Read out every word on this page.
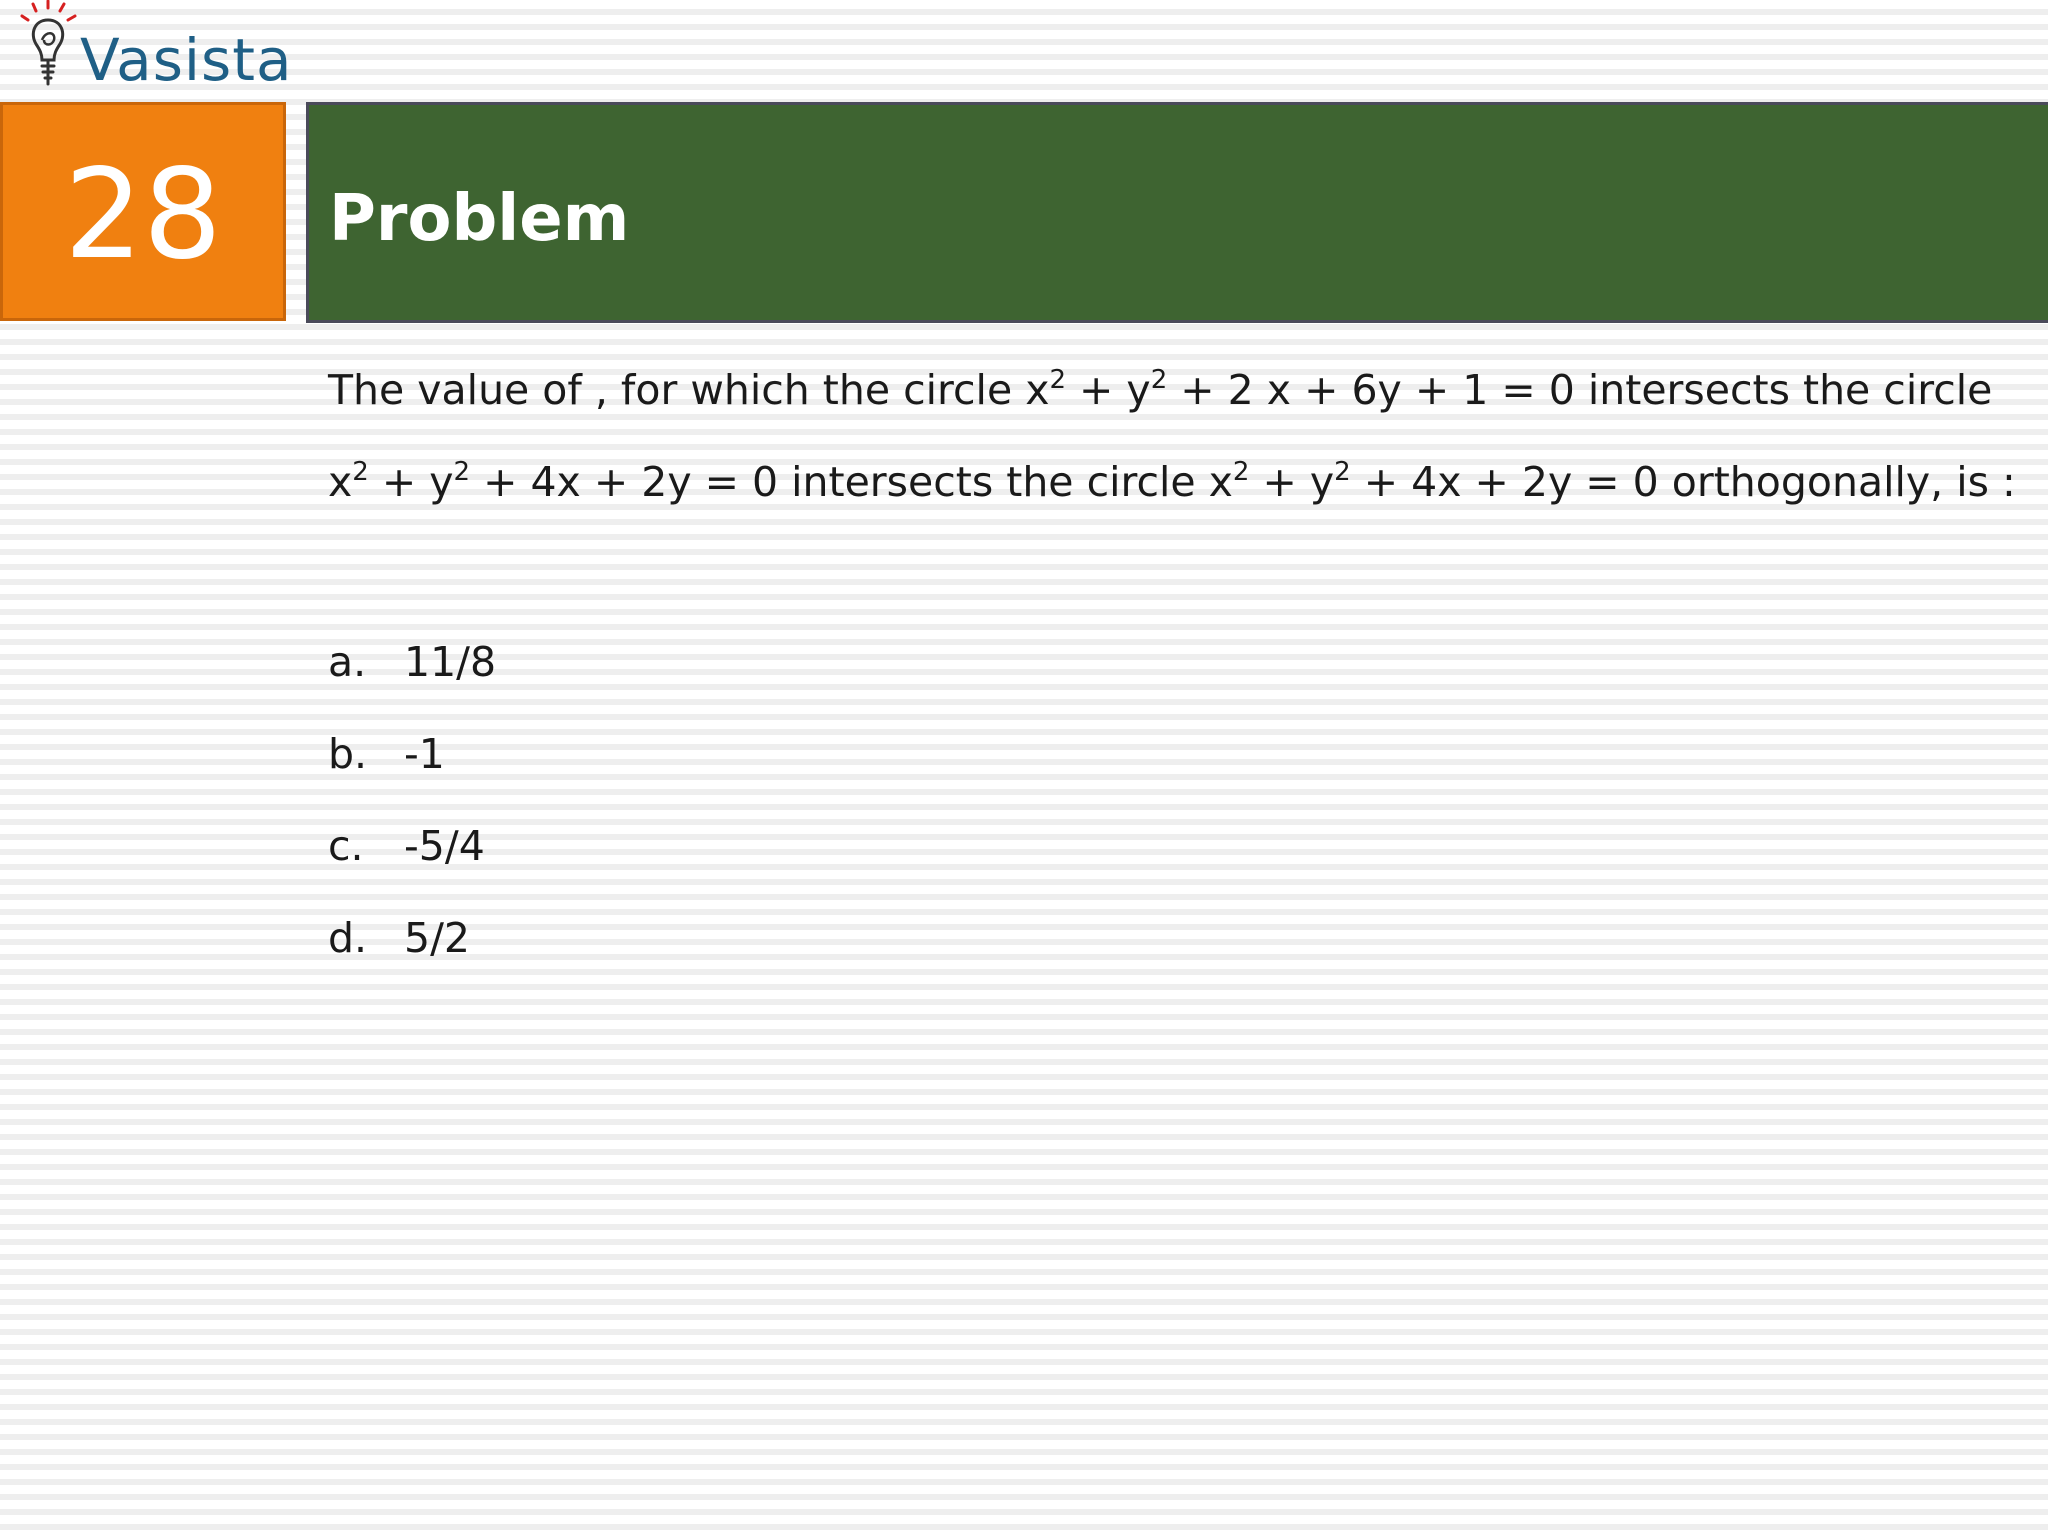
Vasista
28	Problem
The value of , for which the circle $x^2 + y^2 + 2$ x + 6y + 1 = 0 intersects the circle
$x^2 + y^2 + 4x + 2y = 0$ intersects the circle $x^2 + y^2 + 4x + 2y = 0$ orthogonally, is :
a. 11/8
b. -1
c. -5/4
d. 5/2
